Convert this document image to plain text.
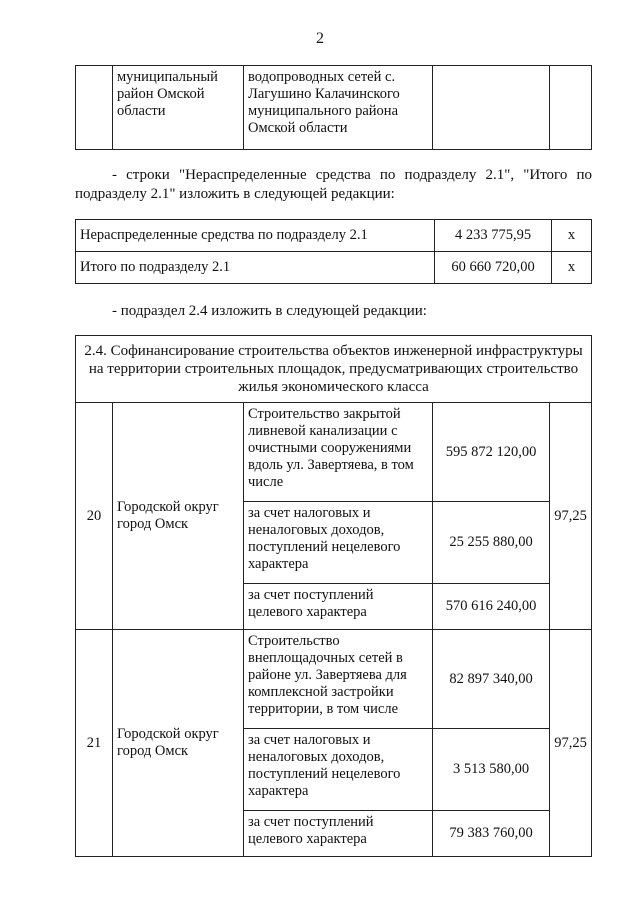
2
	муниципальный район Омской области	водопроводных сетей с. Лагушино Калачинского муниципального района Омской области		
- строки "Нераспределенные средства по подразделу 2.1", "Итого по подразделу 2.1" изложить в следующей редакции:
Нераспределенные средства по подразделу 2.1	4 233 775,95	x
Итого по подразделу 2.1	60 660 720,00	x
- подраздел 2.4 изложить в следующей редакции:
2.4. Софинансирование строительства объектов инженерной инфраструктуры на территории строительных площадок, предусматривающих строительство жилья экономического класса				
20	Городской округ город Омск	Строительство закрытой ливневой канализации с очистными сооружениями вдоль ул. Завертяева, в том числе	595 872 120,00	97,25
		за счет налоговых и неналоговых доходов, поступлений нецелевого характера	25 255 880,00	
		за счет поступлений целевого характера	570 616 240,00	
21	Городской округ город Омск	Строительство внеплощадочных сетей в районе ул. Завертяева для комплексной застройки территории, в том числе	82 897 340,00	97,25
		за счет налоговых и неналоговых доходов, поступлений нецелевого характера	3 513 580,00	
		за счет поступлений целевого характера	79 383 760,00	
